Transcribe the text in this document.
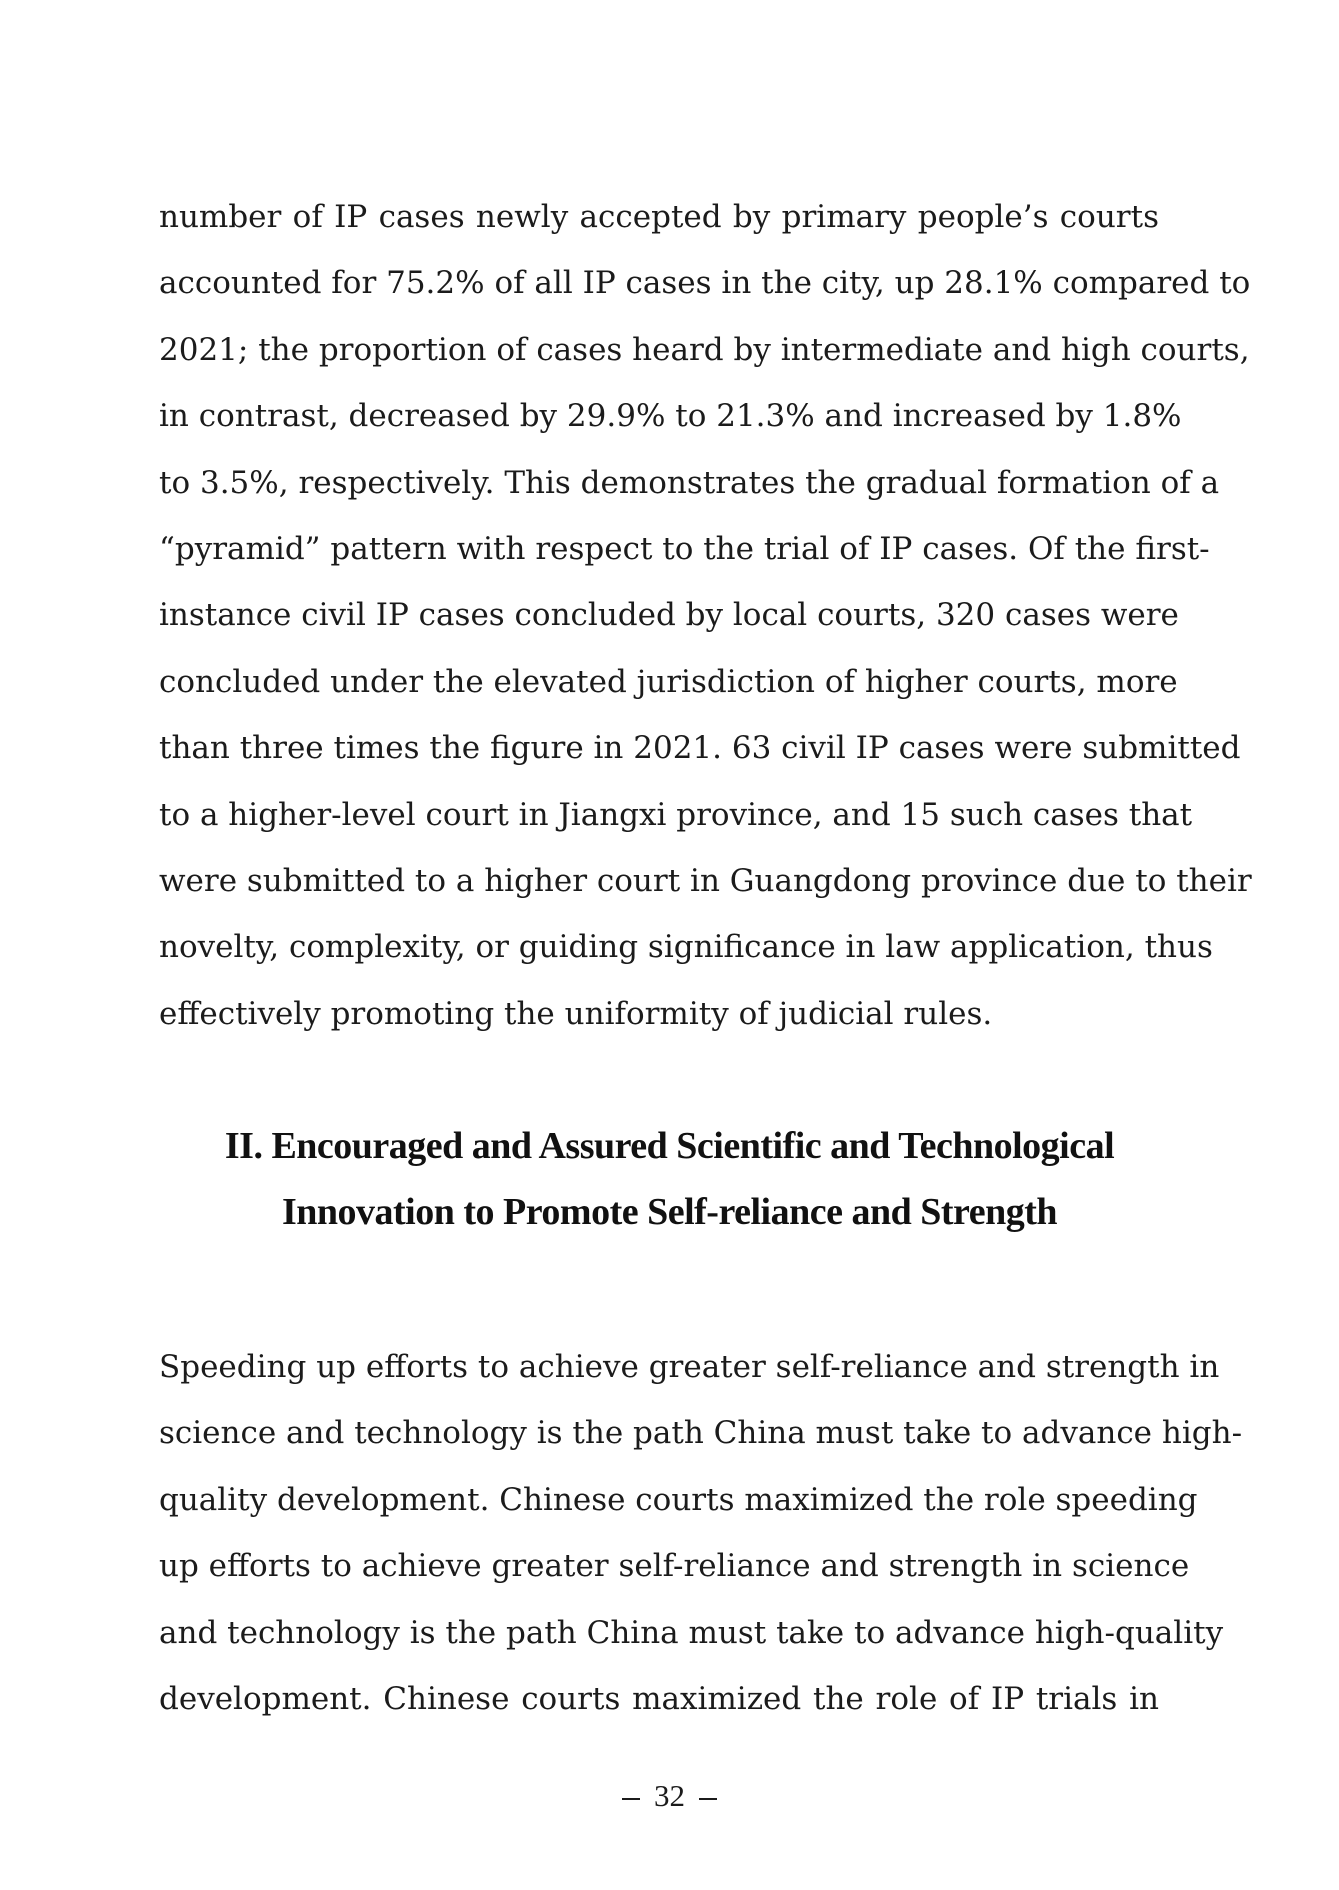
number of IP cases newly accepted by primary people’s courts
accounted for 75.2% of all IP cases in the city, up 28.1% compared to
2021; the proportion of cases heard by intermediate and high courts,
in contrast, decreased by 29.9% to 21.3% and increased by 1.8%
to 3.5%, respectively. This demonstrates the gradual formation of a
“pyramid” pattern with respect to the trial of IP cases. Of the first-
instance civil IP cases concluded by local courts, 320 cases were
concluded under the elevated jurisdiction of higher courts, more
than three times the figure in 2021. 63 civil IP cases were submitted
to a higher-level court in Jiangxi province, and 15 such cases that
were submitted to a higher court in Guangdong province due to their
novelty, complexity, or guiding significance in law application, thus
effectively promoting the uniformity of judicial rules.
II. Encouraged and Assured Scientific and Technological
Innovation to Promote Self-reliance and Strength
Speeding up efforts to achieve greater self-reliance and strength in
science and technology is the path China must take to advance high-
quality development. Chinese courts maximized the role speeding
up efforts to achieve greater self-reliance and strength in science
and technology is the path China must take to advance high-quality
development. Chinese courts maximized the role of IP trials in
32
